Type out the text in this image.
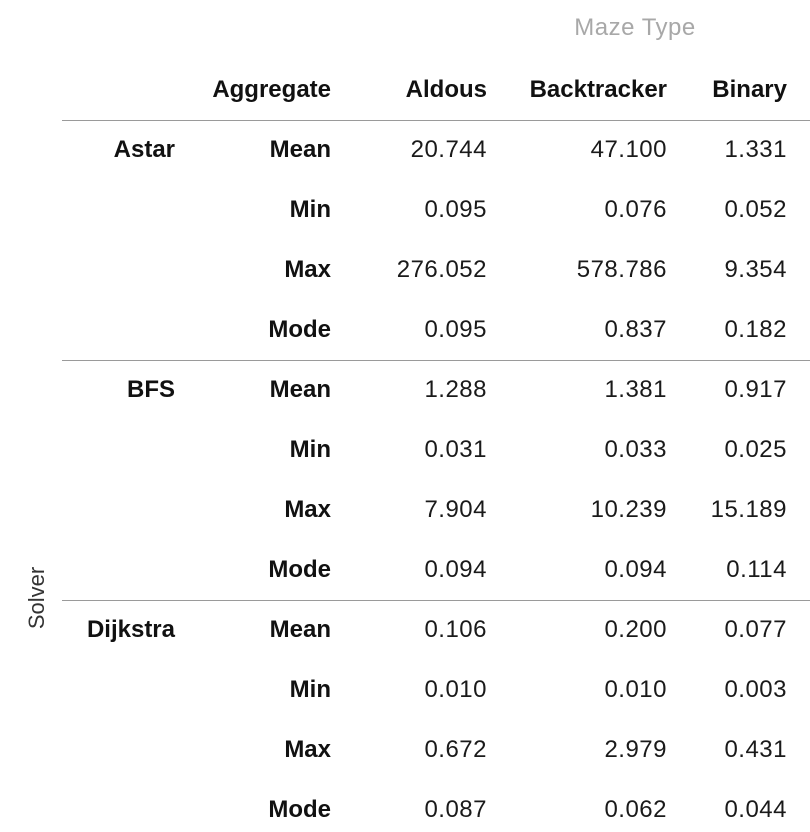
Maze Type
Solver
Aggregate	Aldous Backtracker Binary
Astar	Mean	20.744	47.100 1.331
Min	0.095	0.076 0.052
Max	276.052	578.786 9.354
Mode	0.095	0.837 0.182
BFS	Mean	1.288	1.381 0.917
Min	0.031	0.033 0.025
Max	7.904	10.239 15.189
Mode	0.094	0.094 0.114
Dijkstra	Mean	0.106	0.200 0.077
Min	0.010	0.010 0.003
Max	0.672	2.979 0.431
Mode	0.087	0.062 0.044
